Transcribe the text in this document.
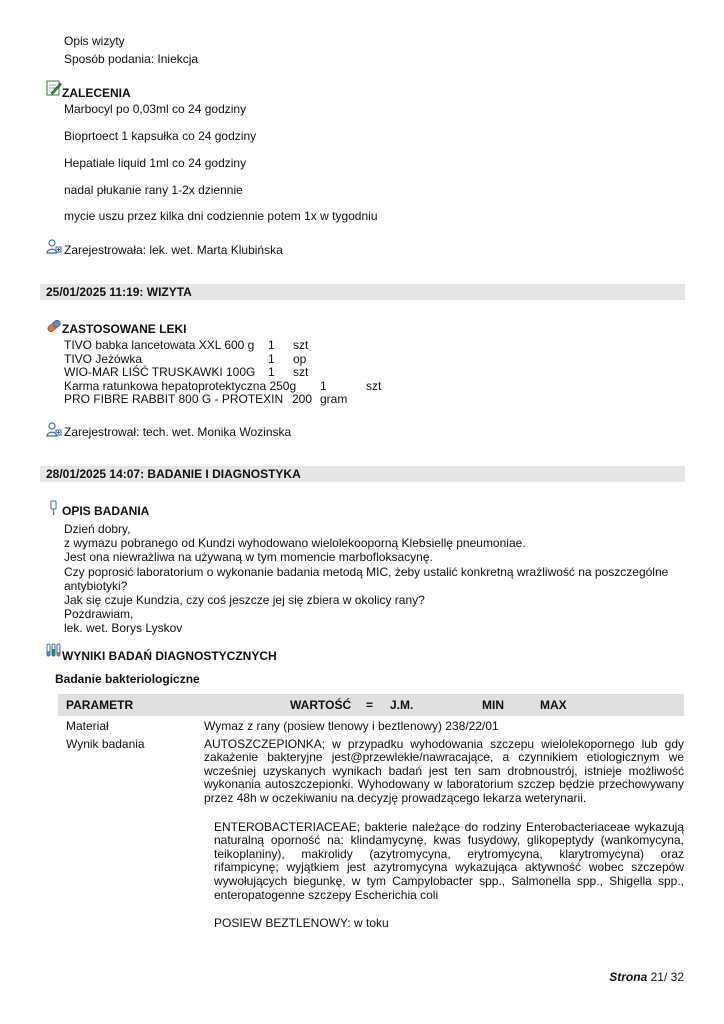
Opis wizyty
Sposób podania: Iniekcja
ZALECENIA
Marbocyl po 0,03ml co 24 godziny
Bioprtoect 1 kapsułka co 24 godziny
Hepatiale liquid 1ml co 24 godziny
nadal płukanie rany 1-2x dziennie
mycie uszu przez kilka dni codziennie potem 1x w tygodniu
Zarejestrowała: lek. wet. Marta Klubińska
25/01/2025 11:19: WIZYTA
ZASTOSOWANE LEKI
TIVO babka lancetowata XXL 600 g 1 szt
TIVO Jeżówka	1 op
WIO-MAR LIŚĆ TRUSKAWKI 100G 1 szt
Karma ratunkowa hepatoprotektyczna 250g 1	szt
PRO FIBRE RABBIT 800 G - PROTEXIN 200 gram
Zarejestrował: tech. wet. Monika Wozinska
28/01/2025 14:07: BADANIE I DIAGNOSTYKA
OPIS BADANIA
Dzień dobry,
z wymazu pobranego od Kundzi wyhodowano wielolekooporną Klebsiellę pneumoniae.
Jest ona niewrażliwa na używaną w tym momencie marbofloksacynę.
Czy poprosić laboratorium o wykonanie badania metodą MIC, żeby ustalić konkretną wrażliwość na poszczególne antybiotyki?
Jak się czuje Kundzia, czy coś jeszcze jej się zbiera w okolicy rany?
Pozdrawiam,
lek. wet. Borys Lyskov
WYNIKI BADAŃ DIAGNOSTYCZNYCH
Badanie bakteriologiczne
PARAMETR	WARTOŚĆ = J.M. MIN MAX

Materiał	Wymaz z rany (posiew tlenowy i beztlenowy) 238/22/01
Wynik badania	AUTOSZCZEPIONKA; w przypadku wyhodowania szczepu wielolekopornego lub gdy zakażenie bakteryjne jest@przewlekłe/nawracające, a czynnikiem etiologicznym we wcześniej uzyskanych wynikach badań jest ten sam drobnoustrój, istnieje możliwość wykonania autoszczepionki. Wyhodowany w laboratorium szczep będzie przechowywany przez 48h w oczekiwaniu na decyzję prowadzącego lekarza weterynarii.
ENTEROBACTERIACEAE; bakterie należące do rodziny Enterobacteriaceae wykazują naturalną oporność na: klindamycynę, kwas fusydowy, glikopeptydy (wankomycyna, teikoplaniny), makrolidy (azytromycyna, erytromycyna, klarytromycyna) oraz rifampicynę; wyjątkiem jest azytromycyna wykazująca aktywność wobec szczepów wywołujących biegunkę, w tym Campylobacter spp., Salmonella spp., Shigella spp., enteropatogenne szczepy Escherichia coli
POSIEW BEZTLENOWY: w toku
Strona 21/ 32
